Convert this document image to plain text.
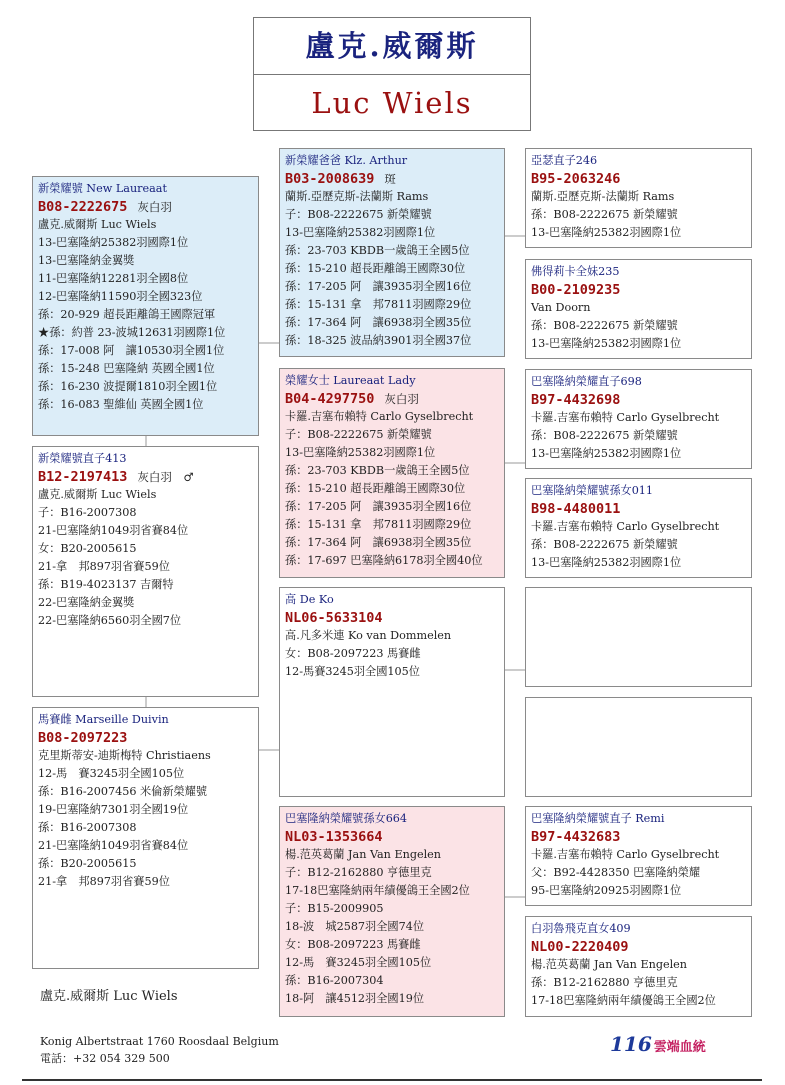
盧克.威爾斯
Luc Wiels
新榮耀號 New Laureaat
B08-2222675 灰白羽
盧克.威爾斯 Luc Wiels
13-巴塞隆納25382羽國際1位
13-巴塞隆納金翼獎
11-巴塞隆納12281羽全國8位
12-巴塞隆納11590羽全國323位
孫：20-929 超長距離鴿王國際冠軍
★孫：約普 23-波城12631羽國際1位
孫：17-008 阿　讓10530羽全國1位
孫：15-248 巴塞隆納 英國全國1位
孫：16-230 波提爾1810羽全國1位
孫：16-083 聖維仙 英國全國1位
新榮耀號直子413
B12-2197413 灰白羽　♂
盧克.威爾斯 Luc Wiels
子：B16-2007308
21-巴塞隆納1049羽省賽84位
女：B20-2005615
21-拿　邦897羽省賽59位
孫：B19-4023137 吉爾特
22-巴塞隆納金翼獎
22-巴塞隆納6560羽全國7位
馬賽雌 Marseille Duivin
B08-2097223
克里斯蒂安-迪斯梅特 Christiaens
12-馬　賽3245羽全國105位
孫：B16-2007456 米倫新榮耀號
19-巴塞隆納7301羽全國19位
孫：B16-2007308
21-巴塞隆納1049羽省賽84位
孫：B20-2005615
21-拿　邦897羽省賽59位
新榮耀爸爸 Klz. Arthur
B03-2008639 斑
蘭斯.亞歷克斯-法蘭斯 Rams
子：B08-2222675 新榮耀號
13-巴塞隆納25382羽國際1位
孫：23-703 KBDB一歲鴿王全國5位
孫：15-210 超長距離鴿王國際30位
孫：17-205 阿　讓3935羽全國16位
孫：15-131 拿　邦7811羽國際29位
孫：17-364 阿　讓6938羽全國35位
孫：18-325 波品納3901羽全國37位
榮耀女士 Laureaat Lady
B04-4297750 灰白羽
卡羅.吉塞布賴特 Carlo Gyselbrecht
子：B08-2222675 新榮耀號
13-巴塞隆納25382羽國際1位
孫：23-703 KBDB一歲鴿王全國5位
孫：15-210 超長距離鴿王國際30位
孫：17-205 阿　讓3935羽全國16位
孫：15-131 拿　邦7811羽國際29位
孫：17-364 阿　讓6938羽全國35位
孫：17-697 巴塞隆納6178羽全國40位
高 De Ko
NL06-5633104
高.凡多米連 Ko van Dommelen
女：B08-2097223 馬賽雌
12-馬賽3245羽全國105位
巴塞隆納榮耀號孫女664
NL03-1353664
楊.范英葛蘭 Jan Van Engelen
子：B12-2162880 亨德里克
17-18巴塞隆納兩年績優鴿王全國2位
子：B15-2009905
18-波　城2587羽全國74位
女：B08-2097223 馬賽雌
12-馬　賽3245羽全國105位
孫：B16-2007304
18-阿　讓4512羽全國19位
亞瑟直子246
B95-2063246
蘭斯.亞歷克斯-法蘭斯 Rams
孫：B08-2222675 新榮耀號
13-巴塞隆納25382羽國際1位
佛得莉卡全妹235
B00-2109235
Van Doorn
孫：B08-2222675 新榮耀號
13-巴塞隆納25382羽國際1位
巴塞隆納榮耀直子698
B97-4432698
卡羅.吉塞布賴特 Carlo Gyselbrecht
孫：B08-2222675 新榮耀號
13-巴塞隆納25382羽國際1位
巴塞隆納榮耀號孫女011
B98-4480011
卡羅.吉塞布賴特 Carlo Gyselbrecht
孫：B08-2222675 新榮耀號
13-巴塞隆納25382羽國際1位
巴塞隆納榮耀號直子 Remi
B97-4432683
卡羅.吉塞布賴特 Carlo Gyselbrecht
父：B92-4428350 巴塞隆納榮耀
95-巴塞隆納20925羽國際1位
白羽魯飛克直女409
NL00-2220409
楊.范英葛蘭 Jan Van Engelen
孫：B12-2162880 亨德里克
17-18巴塞隆納兩年績優鴿王全國2位
盧克.威爾斯 Luc Wiels
Konig Albertstraat 1760 Roosdaal Belgium
電話：+32 054 329 500
116 雲端血統
